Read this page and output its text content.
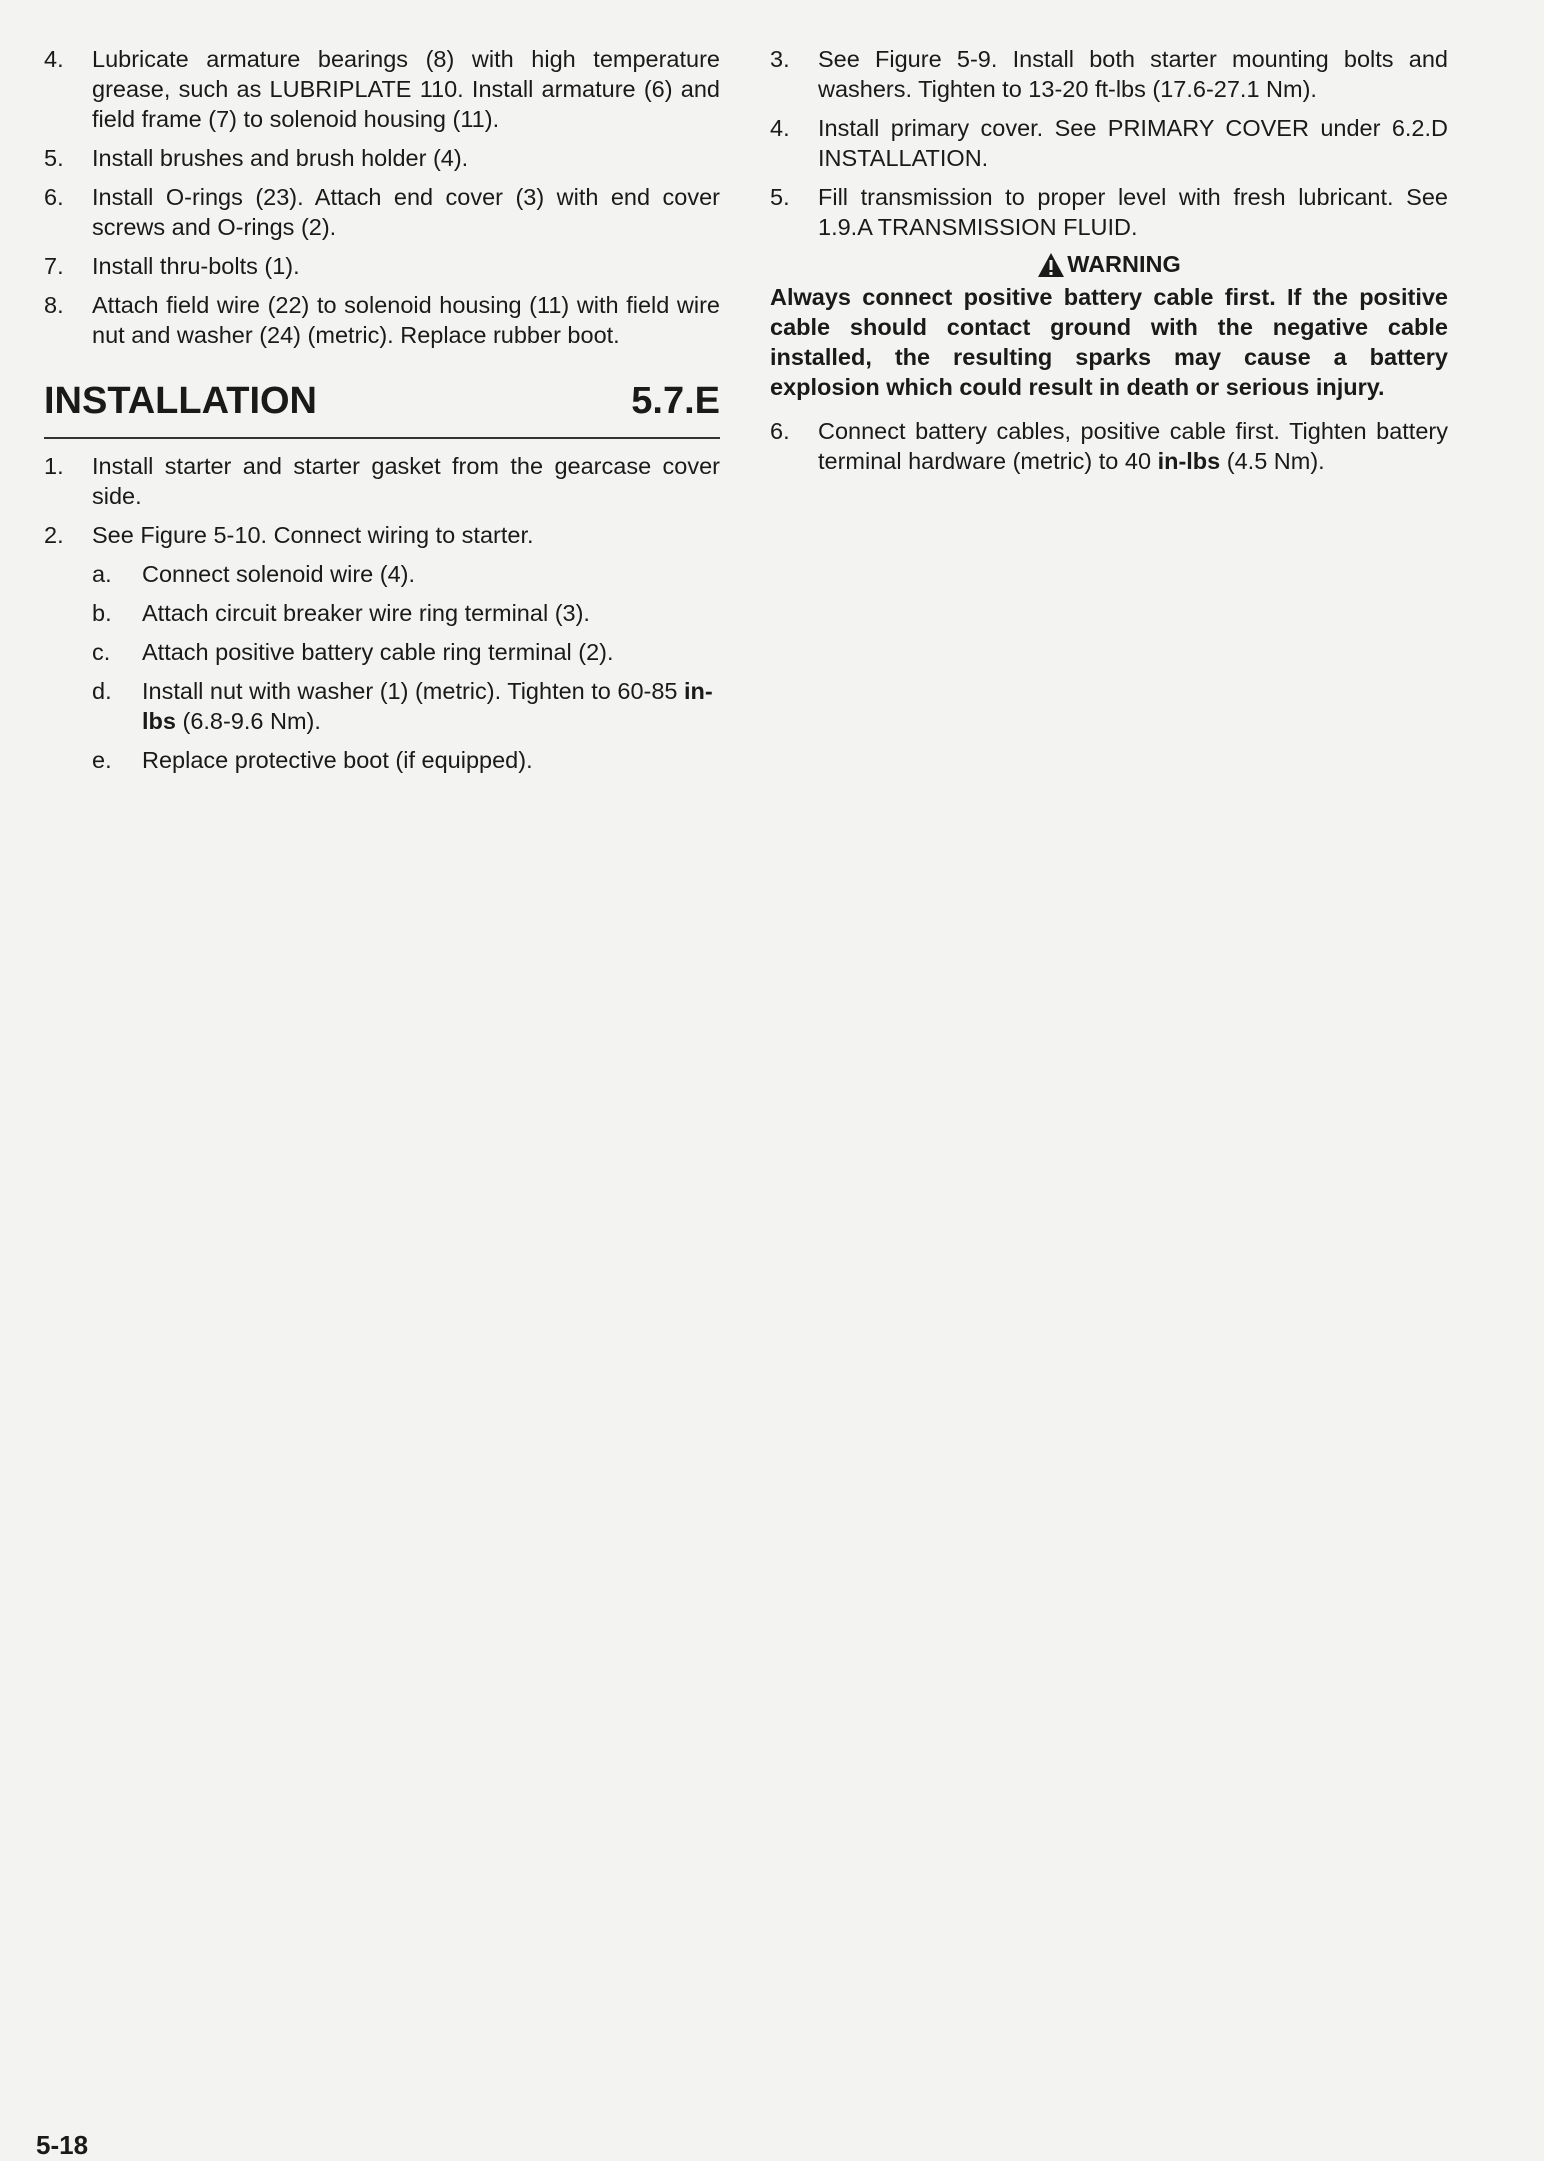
4.	Lubricate armature bearings (8) with high temperature grease, such as LUBRIPLATE 110. Install armature (6) and field frame (7) to solenoid housing (11).
5.	Install brushes and brush holder (4).
6.	Install O-rings (23). Attach end cover (3) with end cover screws and O-rings (2).
7.	Install thru-bolts (1).
8.	Attach field wire (22) to solenoid housing (11) with field wire nut and washer (24) (metric). Replace rubber boot.
INSTALLATION	5.7.E
1.	Install starter and starter gasket from the gearcase cover side.
2.	See Figure 5-10. Connect wiring to starter.
a.	Connect solenoid wire (4).
b.	Attach circuit breaker wire ring terminal (3).
c.	Attach positive battery cable ring terminal (2).
d.	Install nut with washer (1) (metric). Tighten to 60-85 in-lbs (6.8-9.6 Nm).
e.	Replace protective boot (if equipped).
3.	See Figure 5-9. Install both starter mounting bolts and washers. Tighten to 13-20 ft-lbs (17.6-27.1 Nm).
4.	Install primary cover. See PRIMARY COVER under 6.2.D INSTALLATION.
5.	Fill transmission to proper level with fresh lubricant. See 1.9.A TRANSMISSION FLUID.
WARNING
Always connect positive battery cable first. If the positive cable should contact ground with the negative cable installed, the resulting sparks may cause a battery explosion which could result in death or serious injury.
6.	Connect battery cables, positive cable first. Tighten battery terminal hardware (metric) to 40 in-lbs (4.5 Nm).
5-18
